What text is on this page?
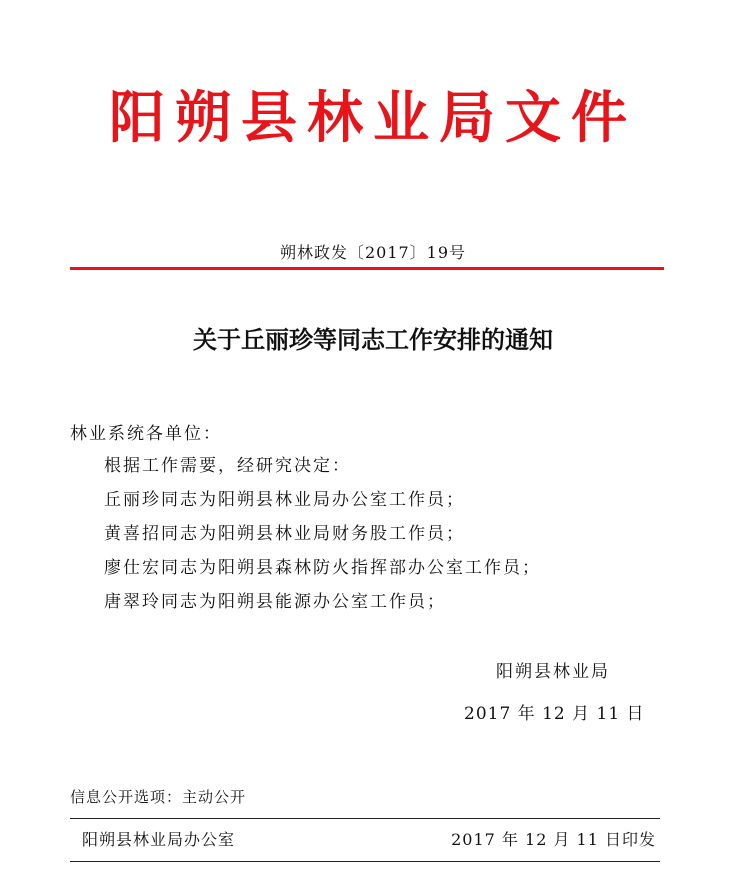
阳朔县林业局文件
朔林政发〔2017〕19号
关于丘丽珍等同志工作安排的通知
林业系统各单位：
根据工作需要，经研究决定：
丘丽珍同志为阳朔县林业局办公室工作员；
黄喜招同志为阳朔县林业局财务股工作员；
廖仕宏同志为阳朔县森林防火指挥部办公室工作员；
唐翠玲同志为阳朔县能源办公室工作员；
阳朔县林业局
2017 年 12 月 11 日
信息公开选项：主动公开
阳朔县林业局办公室	2017 年 12 月 11 日印发
